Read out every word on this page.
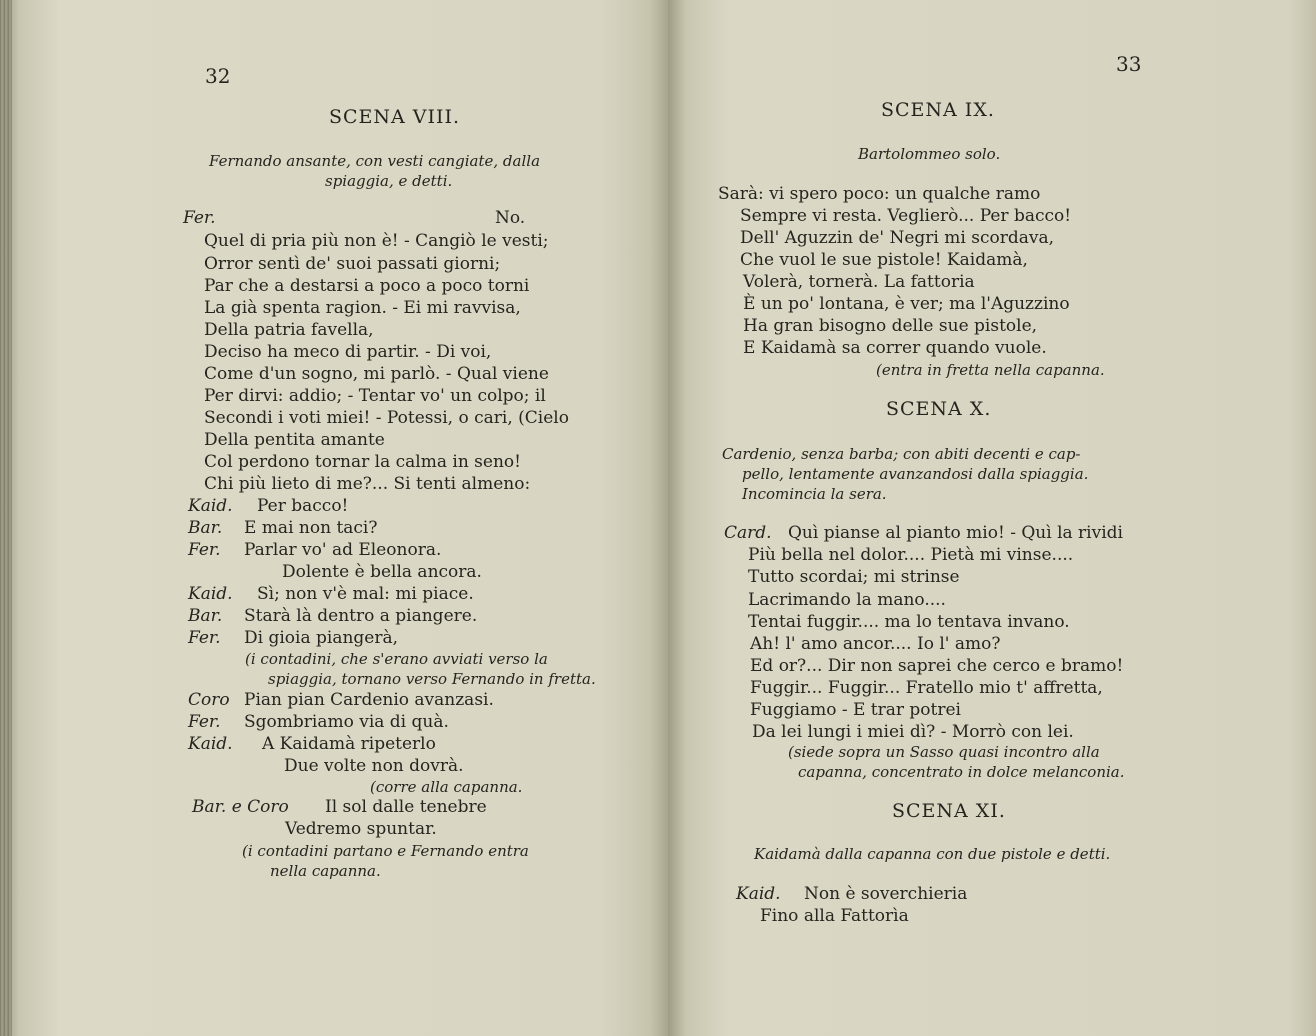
32
SCENA VIII.
Fernando ansante, con vesti cangiate, dalla
spiaggia, e detti.
Fer.	No.
Quel di pria più non è! - Cangiò le vesti;
Orror sentì de' suoi passati giorni;
Par che a destarsi a poco a poco torni
La già spenta ragion. - Ei mi ravvisa,
Della patria favella,
Deciso ha meco di partir. - Di voi,
Come d'un sogno, mi parlò. - Qual viene
Per dirvi: addio; - Tentar vo' un colpo; il
Secondi i voti miei! - Potessi, o cari, (Cielo
Della pentita amante
Col perdono tornar la calma in seno!
Chi più lieto di me?... Si tenti almeno:
Kaid. Per bacco!
Bar. E mai non taci?
Fer. Parlar vo' ad Eleonora.
Dolente è bella ancora.
Kaid. Sì; non v'è mal: mi piace.
Bar. Starà là dentro a piangere.
Fer. Di gioia piangerà,
(i contadini, che s'erano avviati verso la
spiaggia, tornano verso Fernando in fretta.
Coro Pian pian Cardenio avanzasi.
Fer. Sgombriamo via di quà.
Kaid. A Kaidamà ripeterlo
Due volte non dovrà.
(corre alla capanna.
Bar. e Coro Il sol dalle tenebre
Vedremo spuntar.
(i contadini partano e Fernando entra
nella capanna.
33
SCENA IX.
Bartolommeo solo.
Sarà: vi spero poco: un qualche ramo
Sempre vi resta. Veglierò... Per bacco!
Dell' Aguzzin de' Negri mi scordava,
Che vuol le sue pistole! Kaidamà,
Volerà, tornerà. La fattoria
È un po' lontana, è ver; ma l'Aguzzino
Ha gran bisogno delle sue pistole,
E Kaidamà sa correr quando vuole.
(entra in fretta nella capanna.
SCENA X.
Cardenio, senza barba; con abiti decenti e cap-
pello, lentamente avanzandosi dalla spiaggia.
Incomincia la sera.
Card. Quì pianse al pianto mio! - Quì la rividi
Più bella nel dolor.... Pietà mi vinse....
Tutto scordai; mi strinse
Lacrimando la mano....
Tentai fuggir.... ma lo tentava invano.
Ah! l' amo ancor.... Io l' amo?
Ed or?... Dir non saprei che cerco e bramo!
Fuggir... Fuggir... Fratello mio t' affretta,
Fuggiamo - E trar potrei
Da lei lungi i miei dì? - Morrò con lei.
(siede sopra un Sasso quasi incontro alla
capanna, concentrato in dolce melanconia.
SCENA XI.
Kaidamà dalla capanna con due pistole e detti.
Kaid. Non è soverchieria
Fino alla Fattorìa
